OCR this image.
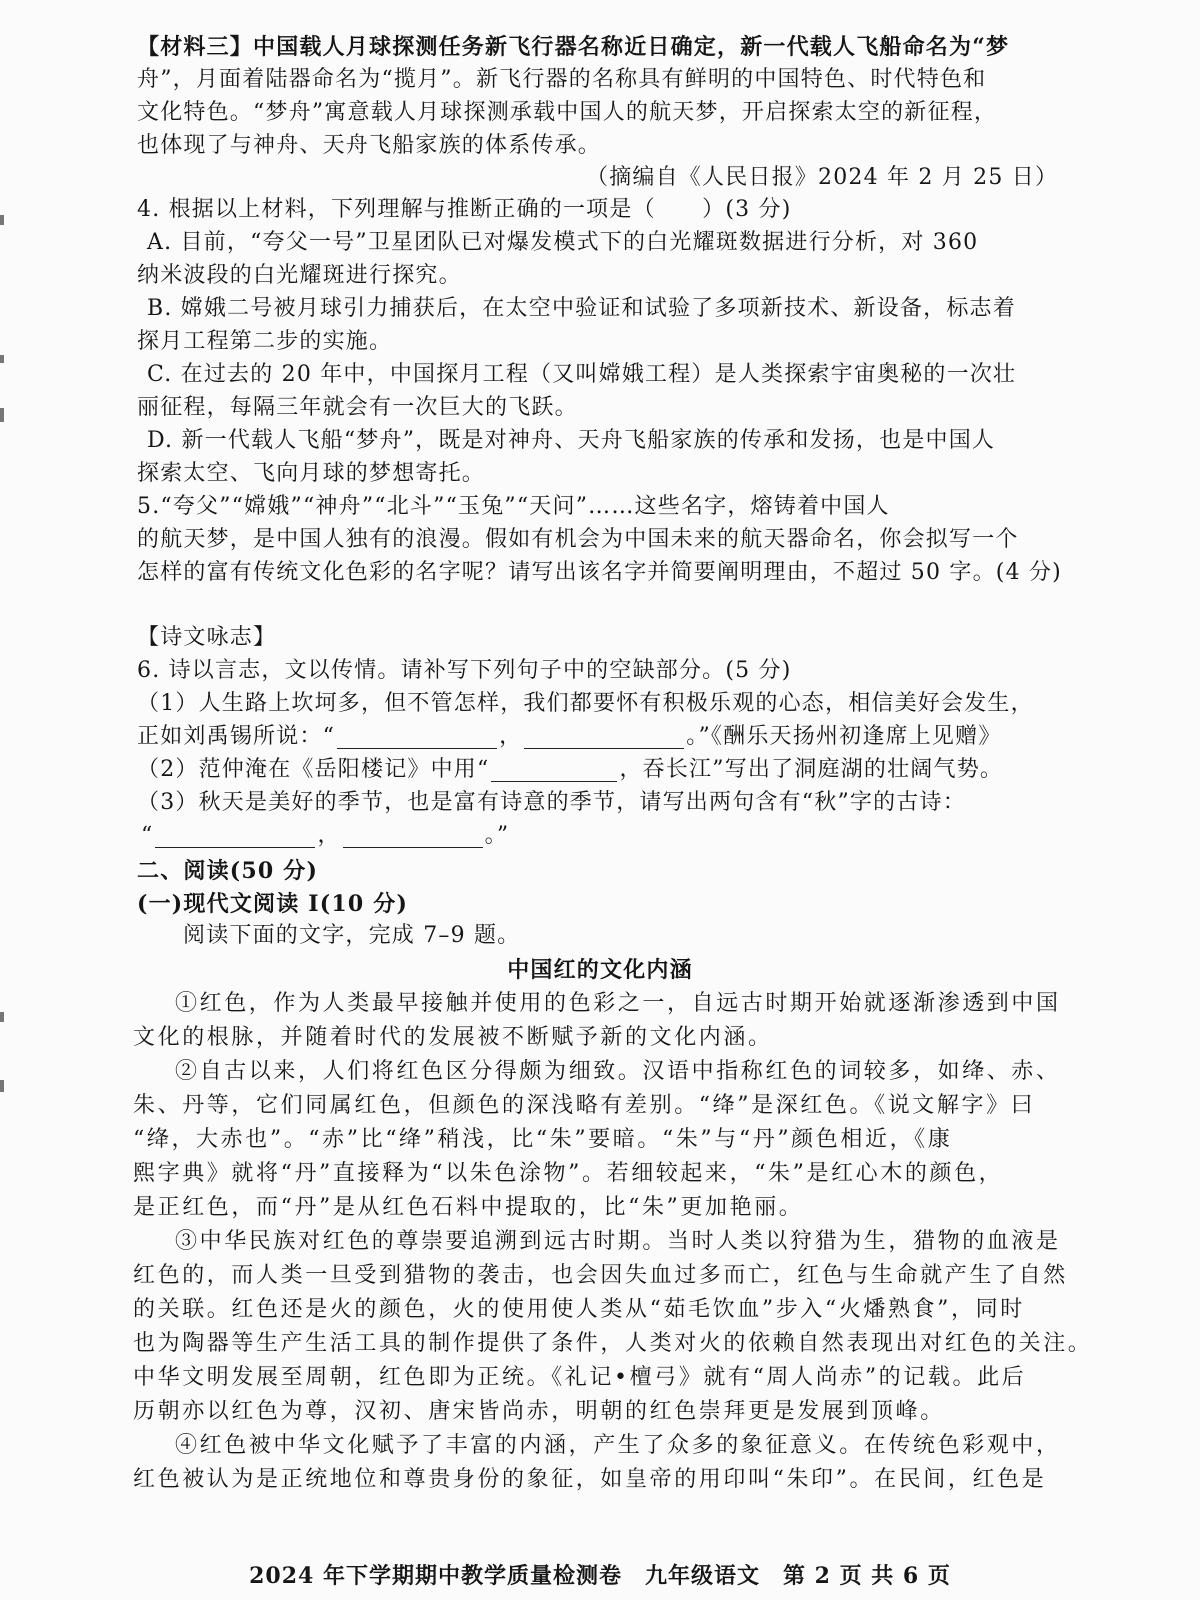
【材料三】中国载人月球探测任务新飞行器名称近日确定，新一代载人飞船命名为“梦
舟”，月面着陆器命名为“揽月”。新飞行器的名称具有鲜明的中国特色、时代特色和
文化特色。“梦舟”寓意载人月球探测承载中国人的航天梦，开启探索太空的新征程，
也体现了与神舟、天舟飞船家族的体系传承。
（摘编自《人民日报》2024 年 2 月 25 日）
4. 根据以上材料，下列理解与推断正确的一项是（　　）(3 分)
A. 目前，“夸父一号”卫星团队已对爆发模式下的白光耀斑数据进行分析，对 360
纳米波段的白光耀斑进行探究。
B. 嫦娥二号被月球引力捕获后，在太空中验证和试验了多项新技术、新设备，标志着
探月工程第二步的实施。
C. 在过去的 20 年中，中国探月工程（又叫嫦娥工程）是人类探索宇宙奥秘的一次壮
丽征程，每隔三年就会有一次巨大的飞跃。
D. 新一代载人飞船“梦舟”，既是对神舟、天舟飞船家族的传承和发扬，也是中国人
探索太空、飞向月球的梦想寄托。
5.“夸父”“嫦娥”“神舟”“北斗”“玉兔”“天问”……这些名字，熔铸着中国人
的航天梦，是中国人独有的浪漫。假如有机会为中国未来的航天器命名，你会拟写一个
怎样的富有传统文化色彩的名字呢？请写出该名字并简要阐明理由，不超过 50 字。(4 分)
【诗文咏志】
6. 诗以言志，文以传情。请补写下列句子中的空缺部分。(5 分)
（1）人生路上坎坷多，但不管怎样，我们都要怀有积极乐观的心态，相信美好会发生，
正如刘禹锡所说：“	，	。”《酬乐天扬州初逢席上见赠》
（2）范仲淹在《岳阳楼记》中用“	，吞长江”写出了洞庭湖的壮阔气势。
（3）秋天是美好的季节，也是富有诗意的季节，请写出两句含有“秋”字的古诗：
“	，	。”
二、阅读(50 分)
(一)现代文阅读 Ⅰ(10 分)
阅读下面的文字，完成 7–9 题。
中国红的文化内涵
①红色，作为人类最早接触并使用的色彩之一，自远古时期开始就逐渐渗透到中国
文化的根脉，并随着时代的发展被不断赋予新的文化内涵。
②自古以来，人们将红色区分得颇为细致。汉语中指称红色的词较多，如绛、赤、
朱、丹等，它们同属红色，但颜色的深浅略有差别。“绛”是深红色。《说文解字》曰
“绛，大赤也”。“赤”比“绛”稍浅，比“朱”要暗。“朱”与“丹”颜色相近，《康
熙字典》就将“丹”直接释为“以朱色涂物”。若细较起来，“朱”是红心木的颜色，
是正红色，而“丹”是从红色石料中提取的，比“朱”更加艳丽。
③中华民族对红色的尊崇要追溯到远古时期。当时人类以狩猎为生，猎物的血液是
红色的，而人类一旦受到猎物的袭击，也会因失血过多而亡，红色与生命就产生了自然
的关联。红色还是火的颜色，火的使用使人类从“茹毛饮血”步入“火燔熟食”，同时
也为陶器等生产生活工具的制作提供了条件，人类对火的依赖自然表现出对红色的关注。
中华文明发展至周朝，红色即为正统。《礼记•檀弓》就有“周人尚赤”的记载。此后
历朝亦以红色为尊，汉初、唐宋皆尚赤，明朝的红色崇拜更是发展到顶峰。
④红色被中华文化赋予了丰富的内涵，产生了众多的象征意义。在传统色彩观中，
红色被认为是正统地位和尊贵身份的象征，如皇帝的用印叫“朱印”。在民间，红色是
2024 年下学期期中教学质量检测卷　九年级语文　第 2 页 共 6 页
